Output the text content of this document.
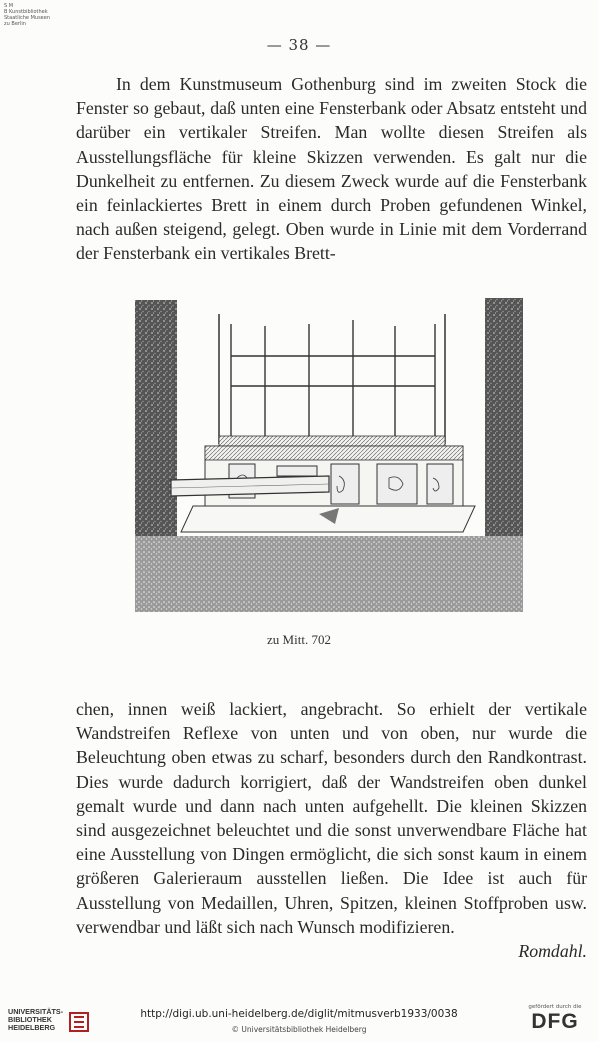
S M
B Kunstbibliothek
Staatliche Museen
zu Berlin
— 38 —

In dem Kunstmuseum Gothenburg sind im zweiten Stock die Fenster so gebaut, daß unten eine Fensterbank oder Absatz entsteht und darüber ein vertikaler Streifen. Man wollte diesen Streifen als Ausstellungsfläche für kleine Skizzen verwenden. Es galt nur die Dunkelheit zu entfernen. Zu diesem Zweck wurde auf die Fensterbank ein feinlackiertes Brett in einem durch Proben gefundenen Winkel, nach außen steigend, gelegt. Oben wurde in Linie mit dem Vorderrand der Fensterbank ein vertikales Brett-

zu Mitt. 702

chen, innen weiß lackiert, angebracht. So erhielt der vertikale Wandstreifen Reflexe von unten und von oben, nur wurde die Beleuchtung oben etwas zu scharf, besonders durch den Randkontrast. Dies wurde dadurch korrigiert, daß der Wandstreifen oben dunkel gemalt wurde und dann nach unten aufgehellt. Die kleinen Skizzen sind ausgezeichnet beleuchtet und die sonst unverwendbare Fläche hat eine Ausstellung von Dingen ermöglicht, die sich sonst kaum in einem größeren Galerieraum ausstellen ließen. Die Idee ist auch für Ausstellung von Medaillen, Uhren, Spitzen, kleinen Stoffproben usw. verwendbar und läßt sich nach Wunsch modifizieren.

Romdahl.
UNIVERSITÄTS-
BIBLIOTHEK
HEIDELBERG
http://digi.ub.uni-heidelberg.de/diglit/mitmusverb1933/0038
© Universitätsbibliothek Heidelberg
gefördert durch die
DFG
